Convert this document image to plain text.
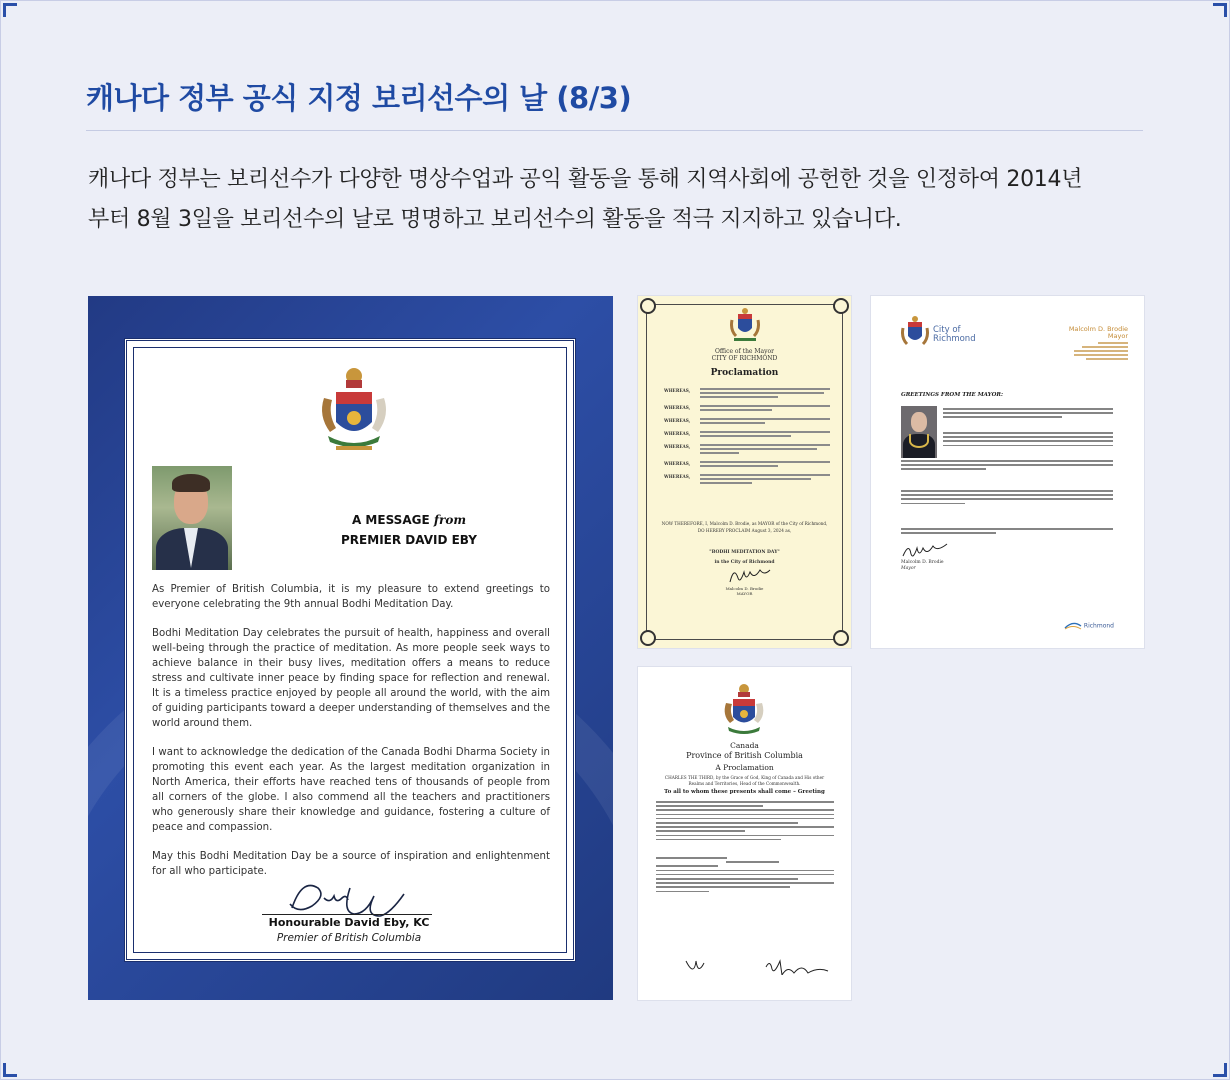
캐나다 정부 공식 지정 보리선수의 날 (8/3)
캐나다 정부는 보리선수가 다양한 명상수업과 공익 활동을 통해 지역사회에 공헌한 것을 인정하여 2014년
부터 8월 3일을 보리선수의 날로 명명하고 보리선수의 활동을 적극 지지하고 있습니다.
A MESSAGE from
PREMIER DAVID EBY

As Premier of British Columbia, it is my pleasure to extend greetings to everyone celebrating the 9th annual Bodhi Meditation Day.

Bodhi Meditation Day celebrates the pursuit of health, happiness and overall well-being through the practice of meditation. As more people seek ways to achieve balance in their busy lives, meditation offers a means to reduce stress and cultivate inner peace by finding space for reflection and renewal. It is a timeless practice enjoyed by people all around the world, with the aim of guiding participants toward a deeper understanding of themselves and the world around them.

I want to acknowledge the dedication of the Canada Bodhi Dharma Society in promoting this event each year. As the largest meditation organization in North America, their efforts have reached tens of thousands of people from all corners of the globe. I also commend all the teachers and practitioners who generously share their knowledge and guidance, fostering a culture of peace and compassion.

May this Bodhi Meditation Day be a source of inspiration and enlightenment for all who participate.

Honourable David Eby, KC
Premier of British Columbia
Office of the Mayor
CITY OF RICHMOND
Proclamation
WHEREAS,
WHEREAS,
WHEREAS,
WHEREAS,
WHEREAS,
WHEREAS,
WHEREAS,
NOW THEREFORE, I, Malcolm D. Brodie, as MAYOR of the City of Richmond, DO HEREBY PROCLAIM August 3, 2024 as,
"BODHI MEDITATION DAY"
in the City of Richmond
Malcolm D. Brodie
MAYOR
City of
Richmond
Malcolm D. Brodie
Mayor
GREETINGS FROM THE MAYOR:
Malcolm D. Brodie
Mayor
Richmond
Canada
Province of British Columbia
A Proclamation
CHARLES THE THIRD, by the Grace of God, King of Canada and His other Realms and Territories, Head of the Commonwealth.
To all to whom these presents shall come – Greeting
